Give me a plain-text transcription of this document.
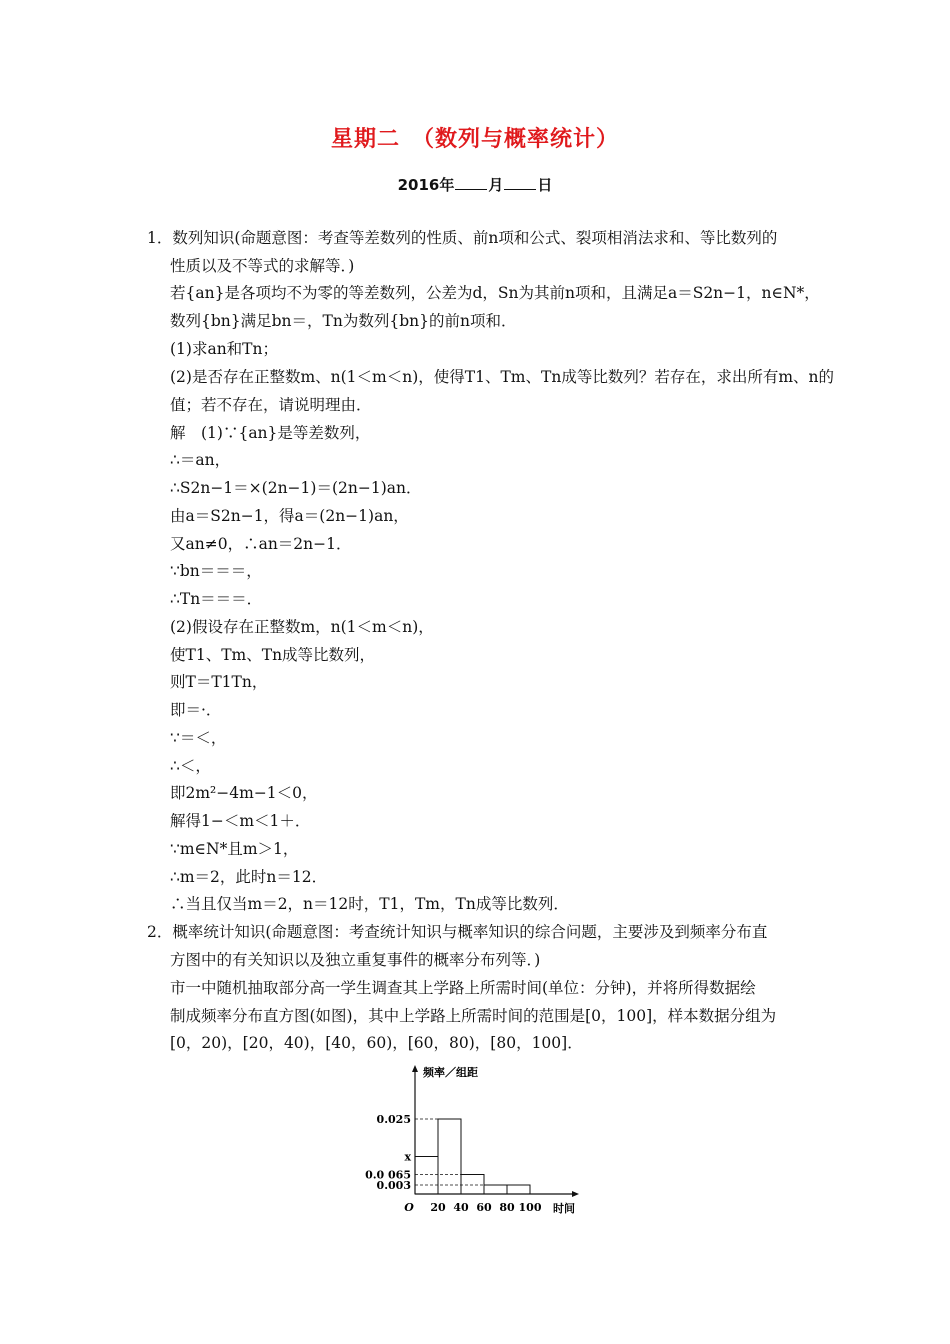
星期二　（数列与概率统计）
2016年 月 日
1．数列知识(命题意图：考查等差数列的性质、前n项和公式、裂项相消法求和、等比数列的
性质以及不等式的求解等．)
若{an}是各项均不为零的等差数列，公差为d，Sn为其前n项和，且满足a＝S2n−1，n∈N*，
数列{bn}满足bn＝，Tn为数列{bn}的前n项和．
(1)求an和Tn；
(2)是否存在正整数m、n(1＜m＜n)，使得T1、Tm、Tn成等比数列？若存在，求出所有m、n的
值；若不存在，请说明理由．
解　(1)∵{an}是等差数列，
∴＝an，
∴S2n−1＝×(2n−1)＝(2n−1)an．
由a＝S2n−1，得a＝(2n−1)an，
又an≠0，∴an＝2n−1．
∵bn＝＝＝，
∴Tn＝＝＝．
(2)假设存在正整数m，n(1＜m＜n)，
使T1、Tm、Tn成等比数列，
则T＝T1Tn，
即＝·．
∵＝＜，
∴＜，
即2m²−4m−1＜0，
解得1−＜m＜1＋．
∵m∈N*且m＞1，
∴m＝2，此时n＝12．
∴当且仅当m＝2，n＝12时，T1，Tm，Tn成等比数列．
2．概率统计知识(命题意图：考查统计知识与概率知识的综合问题，主要涉及到频率分布直
方图中的有关知识以及独立重复事件的概率分布列等．)
市一中随机抽取部分高一学生调查其上学路上所需时间(单位：分钟)，并将所得数据绘
制成频率分布直方图(如图)，其中上学路上所需时间的范围是[0，100]，样本数据分组为
[0，20)，[20，40)，[40，60)，[60，80)，[80，100]．
0.025
x
0.0 065
0.003
20 40 60 80 100
O
频率／组距
时间
